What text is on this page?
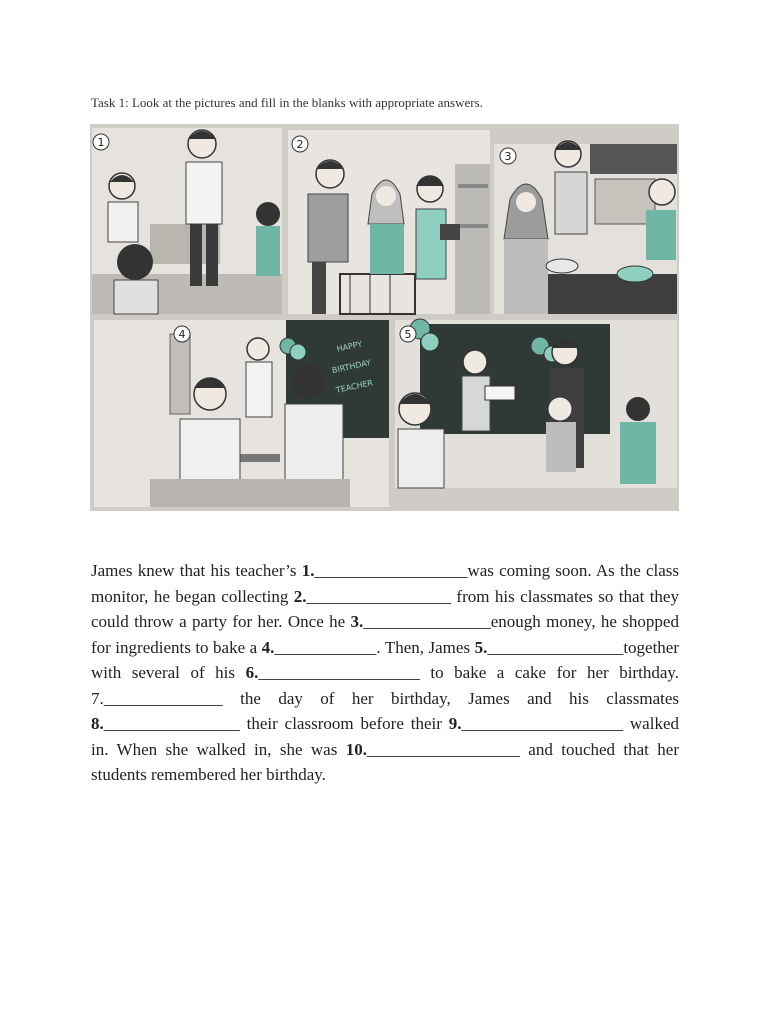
Task 1: Look at the pictures and fill in the blanks with appropriate answers.
1	2
3
HAPPY
BIRTHDAY
TEACHER
4	5

James knew that his teacher’s 1.__________________was coming soon. As the class monitor, he began collecting 2._________________ from his classmates so that they could throw a party for her. Once he 3._______________enough money, he shopped for ingredients to bake a 4.____________. Then, James 5.________________together with several of his 6.___________________ to bake a cake for her birthday. 7.______________ the day of her birthday, James and his classmates 8.________________ their classroom before their 9.___________________ walked in. When she walked in, she was 10.__________________ and touched that her students remembered her birthday.
